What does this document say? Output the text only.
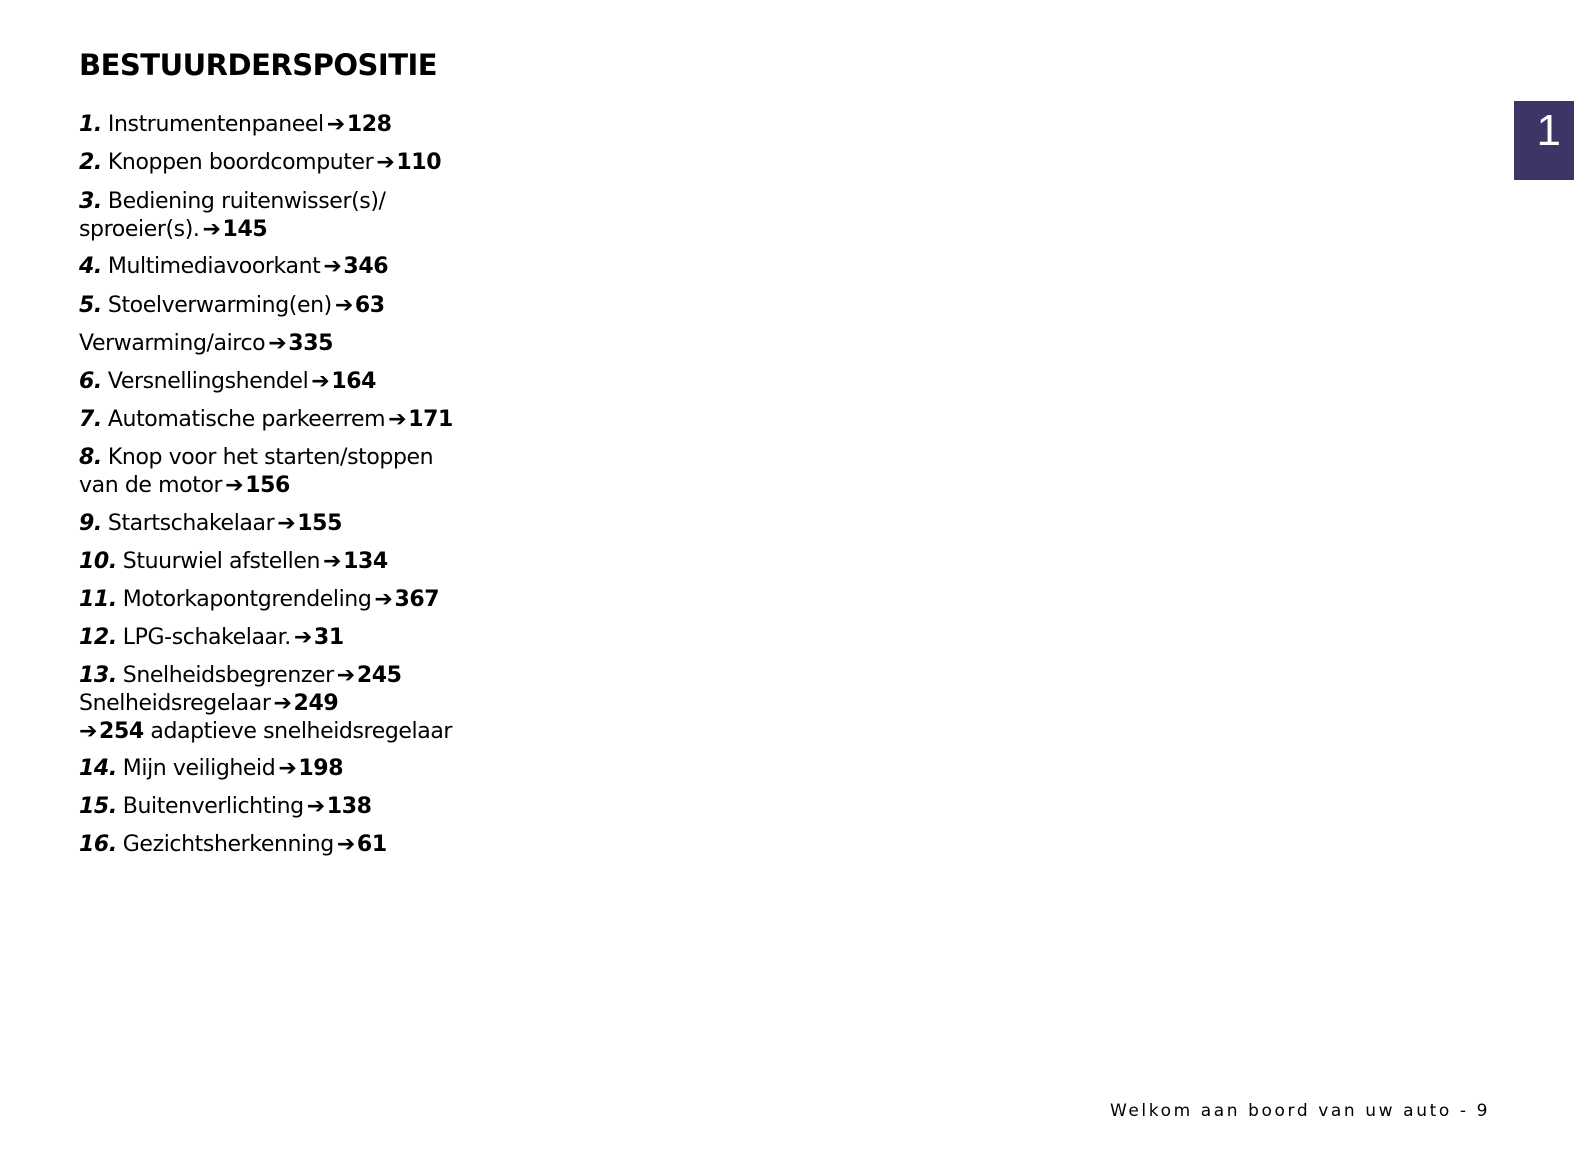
BESTUURDERSPOSITIE
1. Instrumentenpaneel ➔128
2. Knoppen boordcomputer ➔110
3. Bediening ruitenwisser(s)/
sproeier(s). ➔145
4. Multimediavoorkant ➔346
5. Stoelverwarming(en) ➔63
Verwarming/airco ➔335
6. Versnellingshendel ➔164
7. Automatische parkeerrem ➔171
8. Knop voor het starten/stoppen
van de motor ➔156
9. Startschakelaar ➔155
10. Stuurwiel afstellen ➔134
11. Motorkapontgrendeling ➔367
12. LPG-schakelaar. ➔31
13. Snelheidsbegrenzer ➔245
Snelheidsregelaar ➔249
➔254 adaptieve snelheidsregelaar
14. Mijn veiligheid ➔198
15. Buitenverlichting ➔138
16. Gezichtsherkenning ➔61
1
Welkom aan boord van uw auto - 9
